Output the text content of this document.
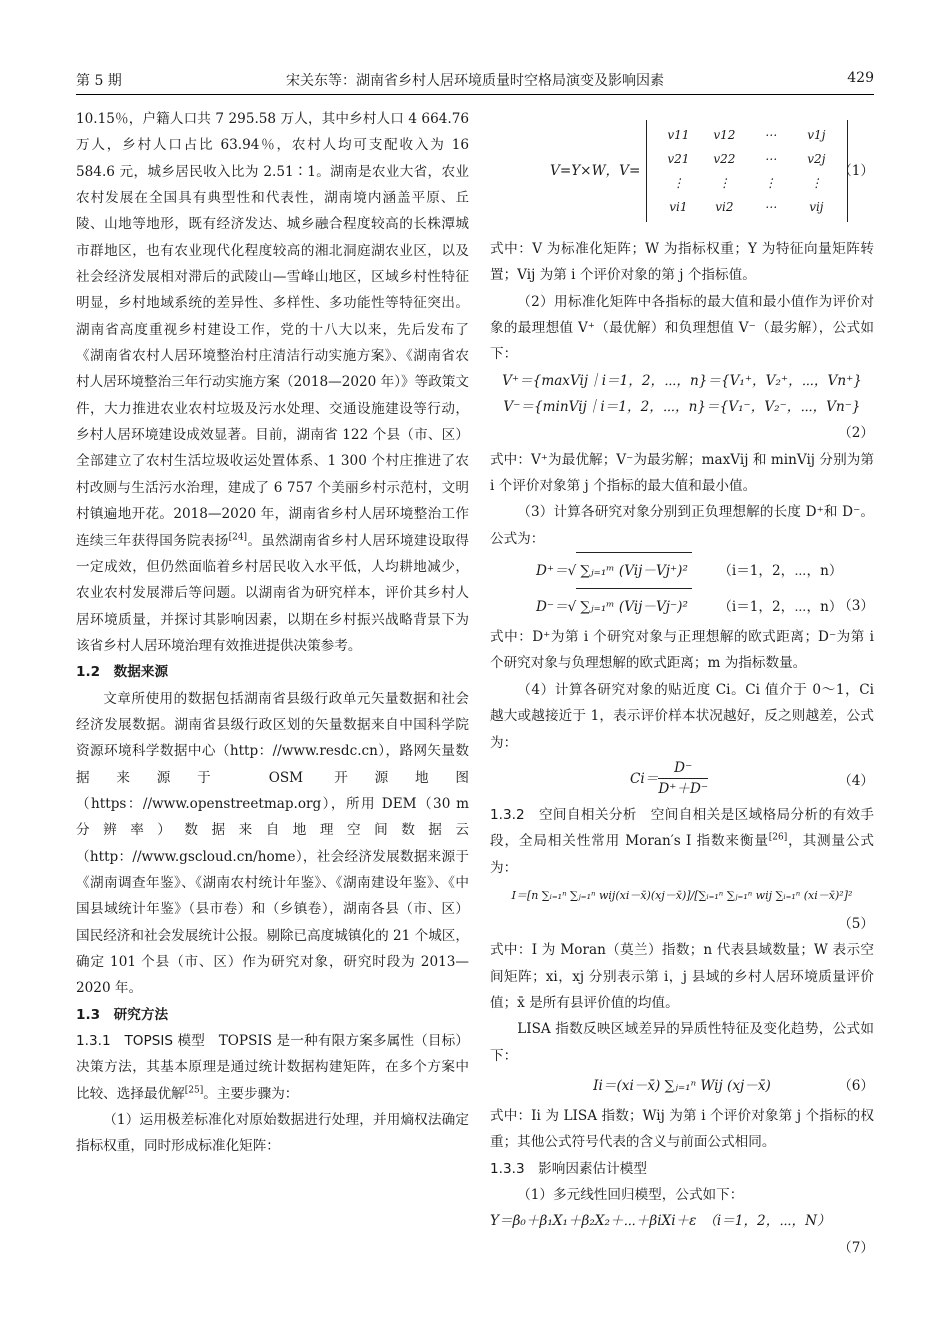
第 5 期	宋关东等：湖南省乡村人居环境质量时空格局演变及影响因素	429

10.15％，户籍人口共 7 295.58 万人，其中乡村人口 4 664.76万人，乡村人口占比 63.94％，农村人均可支配收入为 16 584.6 元，城乡居民收入比为 2.51∶1。湖南是农业大省，农业农村发展在全国具有典型性和代表性，湖南境内涵盖平原、丘陵、山地等地形，既有经济发达、城乡融合程度较高的长株潭城市群地区，也有农业现代化程度较高的湘北洞庭湖农业区，以及社会经济发展相对滞后的武陵山—雪峰山地区，区域乡村性特征明显，乡村地域系统的差异性、多样性、多功能性等特征突出。湖南省高度重视乡村建设工作，党的十八大以来，先后发布了《湖南省农村人居环境整治村庄清洁行动实施方案》、《湖南省农村人居环境整治三年行动实施方案（2018—2020 年）》等政策文件，大力推进农业农村垃圾及污水处理、交通设施建设等行动，乡村人居环境建设成效显著。目前，湖南省 122 个县（市、区）全部建立了农村生活垃圾收运处置体系、1 300 个村庄推进了农村改厕与生活污水治理，建成了 6 757 个美丽乡村示范村，文明村镇遍地开花。2018—2020 年，湖南省乡村人居环境整治工作连续三年获得国务院表扬[24]。虽然湖南省乡村人居环境建设取得一定成效，但仍然面临着乡村居民收入水平低，人均耕地减少，农业农村发展滞后等问题。以湖南省为研究样本，评价其乡村人居环境质量，并探讨其影响因素，以期在乡村振兴战略背景下为该省乡村人居环境治理有效推进提供决策参考。

1.2　数据来源

文章所使用的数据包括湖南省县级行政单元矢量数据和社会经济发展数据。湖南省县级行政区划的矢量数据来自中国科学院资源环境科学数据中心（http：//www.resdc.cn），路网矢量数据来源于 OSM 开源地图（https：//www.openstreetmap.org），所用 DEM（30 m 分辨率）数据来自地理空间数据云（http：//www.gscloud.cn/home），社会经济发展数据来源于《湖南调查年鉴》、《湖南农村统计年鉴》、《湖南建设年鉴》、《中国县域统计年鉴》（县市卷）和（乡镇卷），湖南各县（市、区）国民经济和社会发展统计公报。剔除已高度城镇化的 21 个城区，确定 101 个县（市、区）作为研究对象，研究时段为 2013—2020 年。

1.3　研究方法

1.3.1　TOPSIS 模型　TOPSIS 是一种有限方案多属性（目标）决策方法，其基本原理是通过统计数据构建矩阵，在多个方案中比较、选择最优解[25]。主要步骤为：

（1）运用极差标准化对原始数据进行处理，并用熵权法确定指标权重，同时形成标准化矩阵：

V=Y×W，V=
v11	v12	⋯	v1j
v21	v22	⋯	v2j
⋮	⋮	⋮	⋮
vi1	vi2	⋯	vij
（1）

式中：V 为标准化矩阵；W 为指标权重；Y 为特征向量矩阵转置；Vij 为第 i 个评价对象的第 j 个指标值。

（2）用标准化矩阵中各指标的最大值和最小值作为评价对象的最理想值 V⁺（最优解）和负理想值 V⁻（最劣解），公式如下：

V⁺＝{maxVij｜i＝1，2，⋯，n}＝{V₁⁺，V₂⁺，⋯，Vn⁺}
V⁻＝{minVij｜i＝1，2，⋯，n}＝{V₁⁻，V₂⁻，⋯，Vn⁻}
（2）

式中：V⁺为最优解；V⁻为最劣解；maxVij 和 minVij 分别为第 i 个评价对象第 j 个指标的最大值和最小值。

（3）计算各研究对象分别到正负理想解的长度 D⁺和 D⁻。公式为：

D⁺＝√ ∑ⱼ₌₁ᵐ (Vij－Vj⁺)² （i＝1，2，⋯，n）
D⁻＝√ ∑ⱼ₌₁ᵐ (Vij－Vj⁻)² （i＝1，2，⋯，n）
（3）

式中：D⁺为第 i 个研究对象与正理想解的欧式距离；D⁻为第 i 个研究对象与负理想解的欧式距离；m 为指标数量。

（4）计算各研究对象的贴近度 Ci。Ci 值介于 0～1，Ci 越大或越接近于 1，表示评价样本状况越好，反之则越差，公式为：

$Ci= \frac{D^-}{D^++D^-}$	（4）

1.3.2　空间自相关分析　空间自相关是区域格局分析的有效手段，全局相关性常用 Moran′s I 指数来衡量[26]，其测量公式为：

I＝[n ∑ᵢ₌₁ⁿ ∑ⱼ₌₁ⁿ wij(xi－x̄)(xj－x̄)]/[∑ᵢ₌₁ⁿ ∑ⱼ₌₁ⁿ wij ∑ᵢ₌₁ⁿ (xi－x̄)²]²
（5）

式中：I 为 Moran（莫兰）指数；n 代表县域数量；W 表示空间矩阵；xi，xj 分别表示第 i，j 县域的乡村人居环境质量评价值；x̄ 是所有县评价值的均值。

LISA 指数反映区域差异的异质性特征及变化趋势，公式如下：

Ii＝(xi－x̄) ∑ⱼ₌₁ⁿ Wij (xj－x̄)	（6）

式中：Ii 为 LISA 指数；Wij 为第 i 个评价对象第 j 个指标的权重；其他公式符号代表的含义与前面公式相同。

1.3.3　影响因素估计模型

（1）多元线性回归模型，公式如下：

Y＝β₀＋β₁X₁＋β₂X₂＋⋯＋βiXi＋ε　（i＝1，2，⋯，N）
（7）
